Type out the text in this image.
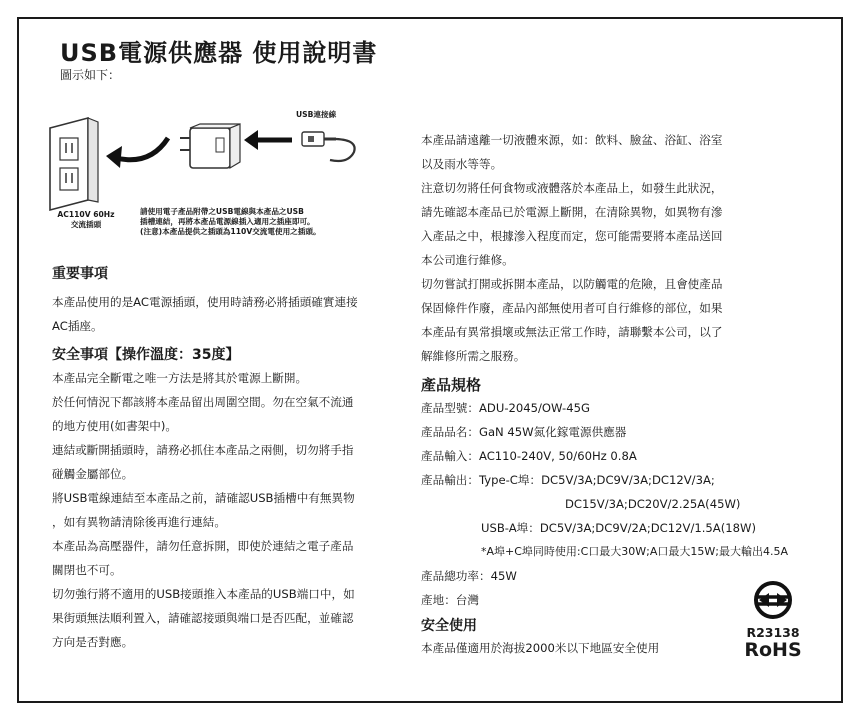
USB電源供應器 使用說明書

圖示如下：

USB連接線
AC110V 60Hz
交流插頭
請使用電子產品附帶之USB電線與本產品之USB
插槽連結，再將本產品電源線插入適用之插座即可。
(注意)本產品提供之插頭為110V交流電使用之插頭。
重要事項

本產品使用的是AC電源插頭，使用時請務必將插頭確實連接

AC插座。

安全事項【操作溫度：35度】

本產品完全斷電之唯一方法是將其於電源上斷開。

於任何情況下都該將本產品留出周圍空間。勿在空氣不流通

的地方使用(如書架中)。

連結或斷開插頭時，請務必抓住本產品之兩側，切勿將手指

碰觸金屬部位。

將USB電線連結至本產品之前，請確認USB插槽中有無異物

，如有異物請清除後再進行連結。

本產品為高壓器件，請勿任意拆開，即使於連結之電子產品

關閉也不可。

切勿強行將不適用的USB接頭推入本產品的USB端口中，如

果街頭無法順利置入，請確認接頭與端口是否匹配，並確認

方向是否對應。

本產品請遠離一切液體來源，如：飲料、臉盆、浴缸、浴室

以及雨水等等。

注意切勿將任何食物或液體落於本產品上，如發生此狀況，

請先確認本產品已於電源上斷開，在清除異物，如異物有滲

入產品之中，根據滲入程度而定，您可能需要將本產品送回

本公司進行維修。

切勿嘗試打開或拆開本產品，以防觸電的危險，且會使產品

保固條件作廢，產品內部無使用者可自行維修的部位，如果

本產品有異常損壞或無法正常工作時，請聯繫本公司，以了

解維修所需之服務。

產品規格

產品型號：ADU-2045/OW-45G

產品品名：GaN 45W氮化鎵電源供應器

產品輸入：AC110-240V, 50/60Hz 0.8A

產品輸出：Type-C埠：DC5V/3A;DC9V/3A;DC12V/3A;

DC15V/3A;DC20V/2.25A(45W)

USB-A埠：DC5V/3A;DC9V/2A;DC12V/1.5A(18W)

*A埠+C埠同時使用:C口最大30W;A口最大15W;最大輸出4.5A

產品總功率：45W

產地：台灣

安全使用

本產品僅適用於海拔2000米以下地區安全使用

R23138
RoHS
